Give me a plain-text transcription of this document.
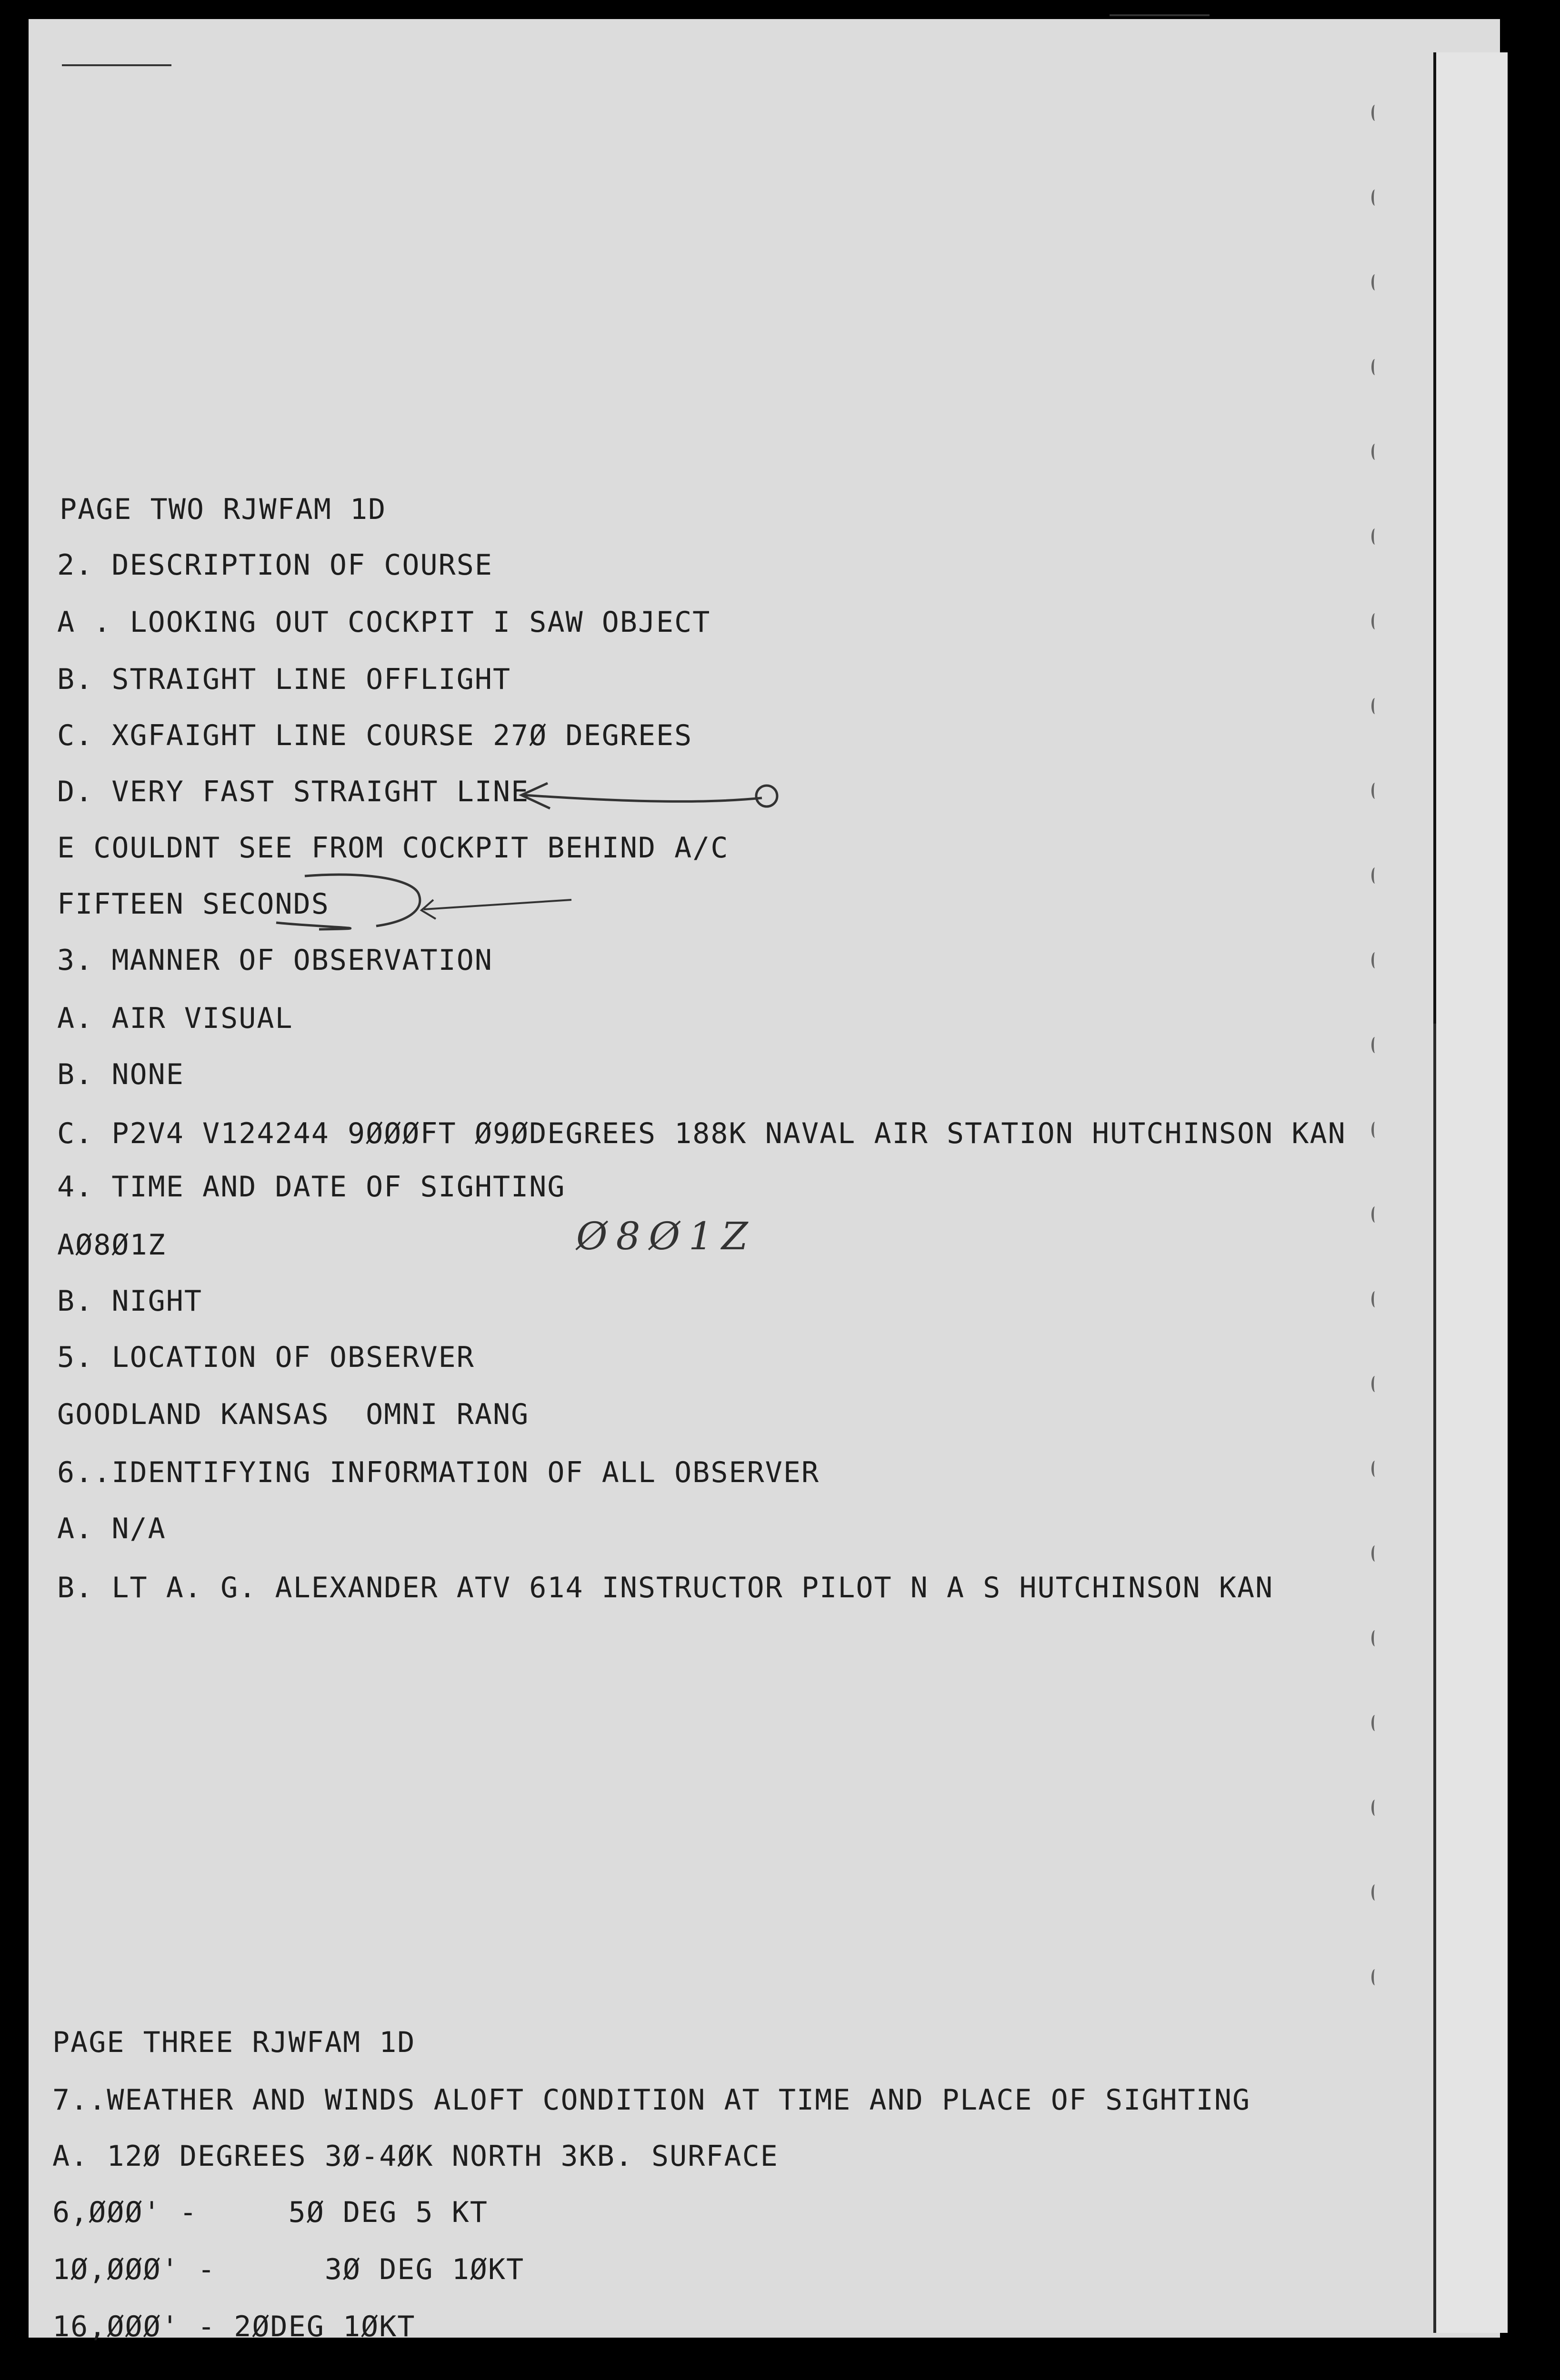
PAGE TWO RJWFAM 1D
2. DESCRIPTION OF COURSE
A . LOOKING OUT COCKPIT I SAW OBJECT
B. STRAIGHT LINE OFFLIGHT
C. XGFAIGHT LINE COURSE 27Ø DEGREES
D. VERY FAST STRAIGHT LINE
E COULDNT SEE FROM COCKPIT BEHIND A/C
FIFTEEN SECONDS
3. MANNER OF OBSERVATION
A. AIR VISUAL
B. NONE
C. P2V4 V124244 9ØØØFT Ø9ØDEGREES 188K NAVAL AIR STATION HUTCHINSON KAN
4. TIME AND DATE OF SIGHTING
AØ8Ø1Z
B. NIGHT
5. LOCATION OF OBSERVER
GOODLAND KANSAS  OMNI RANG
6..IDENTIFYING INFORMATION OF ALL OBSERVER
A. N/A
B. LT A. G. ALEXANDER ATV 614 INSTRUCTOR PILOT N A S HUTCHINSON KAN
Ø8Ø1Z
PAGE THREE RJWFAM 1D
7..WEATHER AND WINDS ALOFT CONDITION AT TIME AND PLACE OF SIGHTING
A. 12Ø DEGREES 3Ø-4ØK NORTH 3KB. SURFACE
6,ØØØ' -     5Ø DEG 5 KT
1Ø,ØØØ' -      3Ø DEG 1ØKT
16,ØØØ' - 2ØDEG 1ØKT
